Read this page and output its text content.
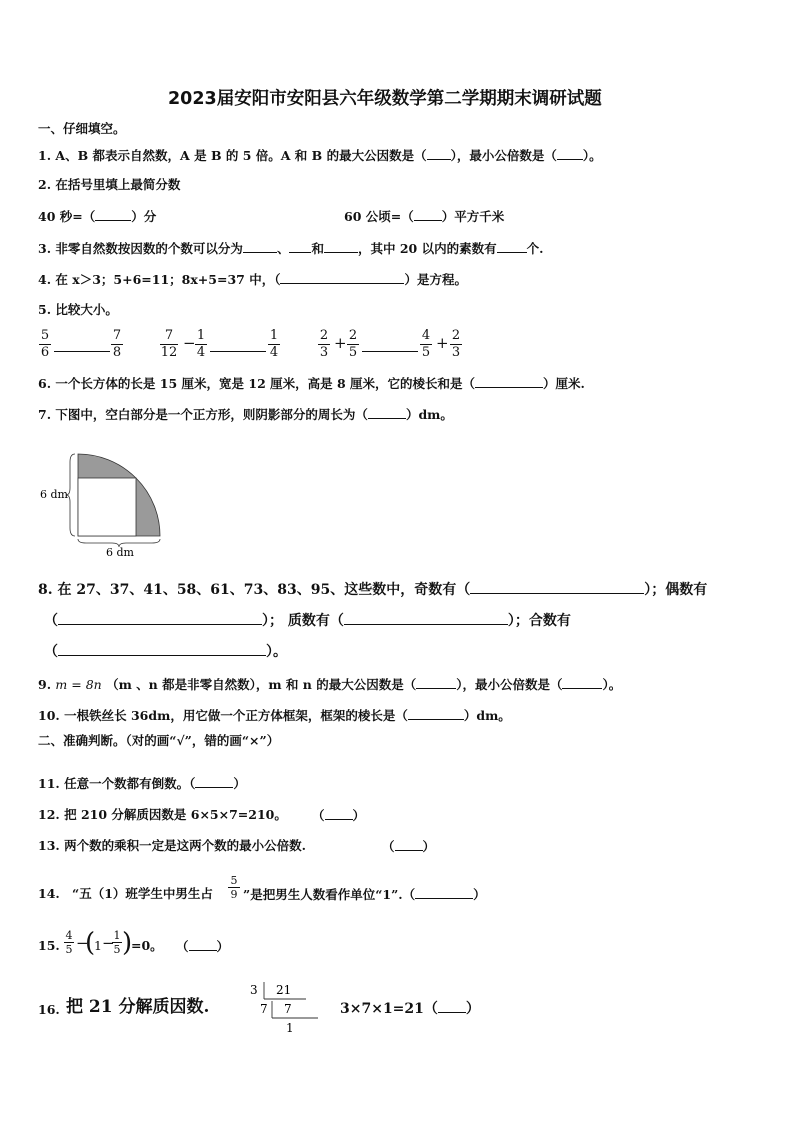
2023届安阳市安阳县六年级数学第二学期期末调研试题
一、仔细填空。
1. A、B 都表示自然数，A 是 B 的 5 倍。A 和 B 的最大公因数是（ ），最小公倍数是（ ）。
2. 在括号里填上最简分数
40 秒=（	）分	60 公顷=（ ）平方千米
3. 非零自然数按因数的个数可以分为	、 和	，其中 20 以内的素数有 个.
4. 在 x＞3；5+6=11；8x+5=37 中，（	）是方程。
5. 比较大小。
$\frac{5}{6}$	$\frac{7}{8}$	$\frac{7}{12} - \frac{1}{4}$	$\frac{1}{4}$	$\frac{2}{3} + \frac{2}{5}$	$\frac{4}{5} + \frac{2}{3}$
6. 一个长方体的长是 15 厘米，宽是 12 厘米，高是 8 厘米，它的棱长和是（	）厘米.
7. 下图中，空白部分是一个正方形，则阴影部分的周长为（	）dm。
6 dm
6 dm
8. 在 27、37、41、58、61、73、83、95、这些数中，奇数有（	）；偶数有
（	）； 质数有（	）；合数有
（	）。
9. m = 8n （m 、n 都是非零自然数），m 和 n 的最大公因数是（	），最小公倍数是（	）。
10. 一根铁丝长 36dm，用它做一个正方体框架，框架的棱长是（	）dm。
二、准确判断。（对的画“√”，错的画“×”）
11. 任意一个数都有倒数。（	）
12. 把 210 分解质因数是 6×5×7=210。 （ ）
13. 两个数的乘积一定是这两个数的最小公倍数.	（ ）
14. “五（1）班学生中男生占 $\frac{5}{9}$ ”是把男生人数看作单位“1”.（	）
15. $\frac{4}{5}$ −
(
1 −
$\frac{1}{5}$ )
=0。 （ ）
16. 把 21 分解质因数.
3 21
7 7
1
3×7×1=21（ ）
